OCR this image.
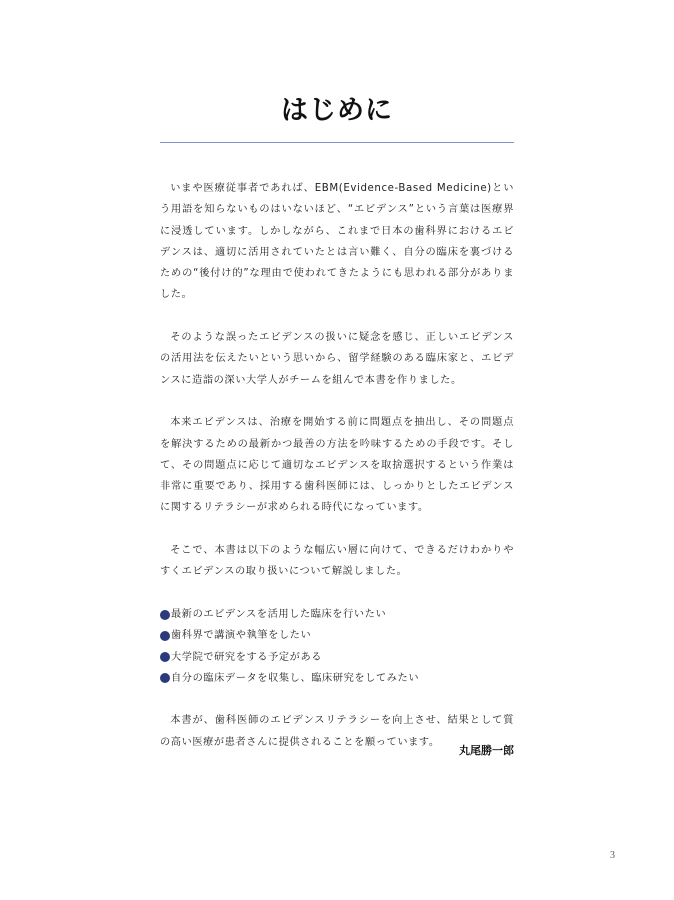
はじめに

いまや医療従事者であれば、EBM(Evidence-Based Medicine)という用語を知らないものはいないほど、“エビデンス”という言葉は医療界に浸透しています。しかしながら、これまで日本の歯科界におけるエビデンスは、適切に活用されていたとは言い難く、自分の臨床を裏づけるための“後付け的”な理由で使われてきたようにも思われる部分がありました。

そのような誤ったエビデンスの扱いに疑念を感じ、正しいエビデンスの活用法を伝えたいという思いから、留学経験のある臨床家と、エビデンスに造詣の深い大学人がチームを組んで本書を作りました。

本来エビデンスは、治療を開始する前に問題点を抽出し、その問題点を解決するための最新かつ最善の方法を吟味するための手段です。そして、その問題点に応じて適切なエビデンスを取捨選択するという作業は非常に重要であり、採用する歯科医師には、しっかりとしたエビデンスに関するリテラシーが求められる時代になっています。

そこで、本書は以下のような幅広い層に向けて、できるだけわかりやすくエビデンスの取り扱いについて解説しました。

最新のエビデンスを活用した臨床を行いたい
歯科界で講演や執筆をしたい
大学院で研究をする予定がある
自分の臨床データを収集し、臨床研究をしてみたい

本書が、歯科医師のエビデンスリテラシーを向上させ、結果として質の高い医療が患者さんに提供されることを願っています。

丸尾勝一郎
3
